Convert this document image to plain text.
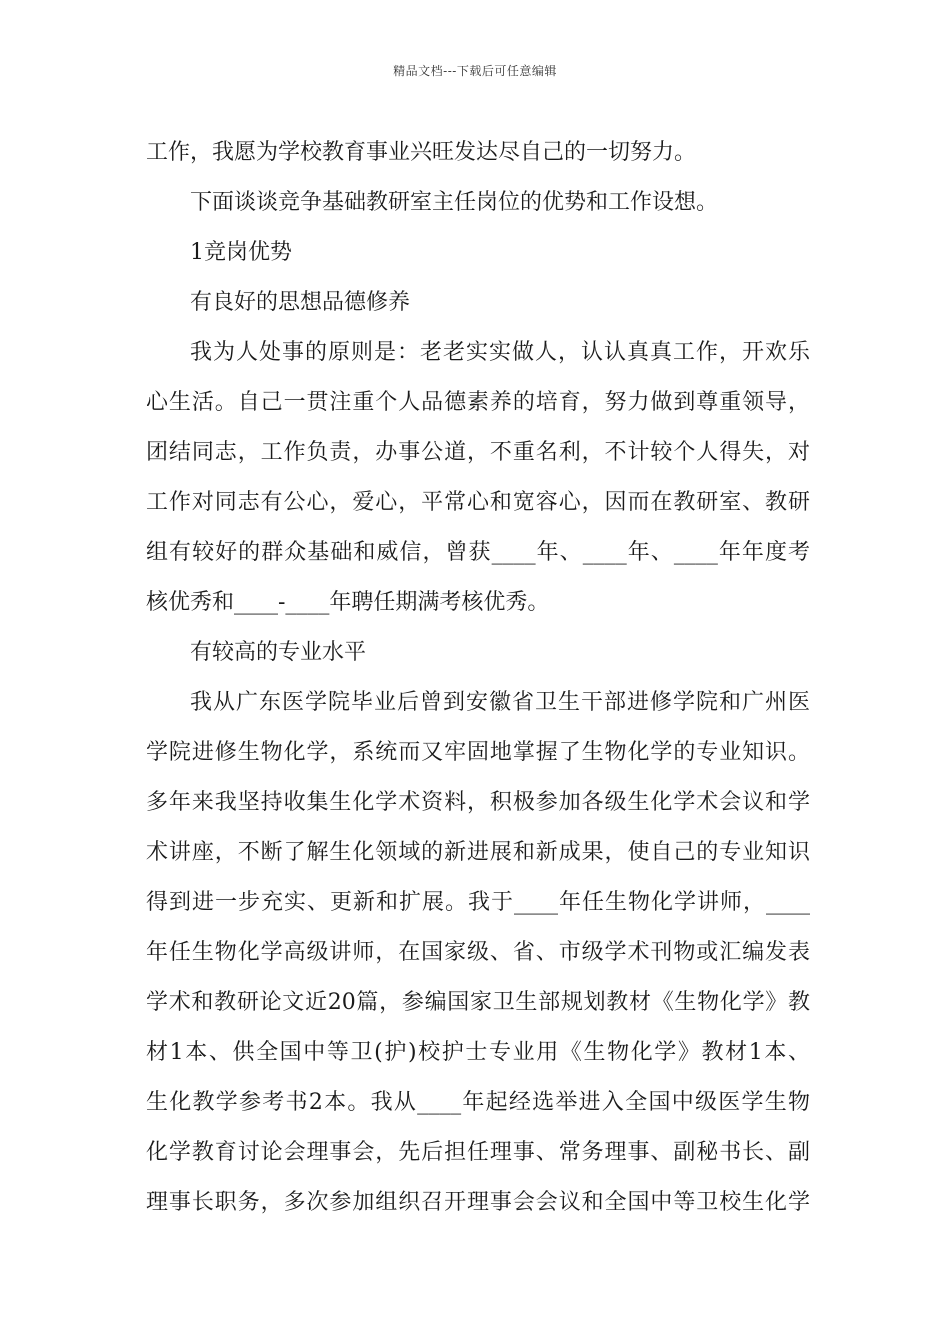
精品文档---下载后可任意编辑
工作，我愿为学校教育事业兴旺发达尽自己的一切努力。
下面谈谈竞争基础教研室主任岗位的优势和工作设想。
1竞岗优势
有良好的思想品德修养
我为人处事的原则是：老老实实做人，认认真真工作，开欢乐
心生活。自己一贯注重个人品德素养的培育，努力做到尊重领导，
团结同志，工作负责，办事公道，不重名利，不计较个人得失，对
工作对同志有公心，爱心，平常心和宽容心，因而在教研室、教研
组有较好的群众基础和威信，曾获____年、____年、____年年度考
核优秀和____-____年聘任期满考核优秀。
有较高的专业水平
我从广东医学院毕业后曾到安徽省卫生干部进修学院和广州医
学院进修生物化学，系统而又牢固地掌握了生物化学的专业知识。
多年来我坚持收集生化学术资料，积极参加各级生化学术会议和学
术讲座，不断了解生化领域的新进展和新成果，使自己的专业知识
得到进一步充实、更新和扩展。我于____年任生物化学讲师，____
年任生物化学高级讲师，在国家级、省、市级学术刊物或汇编发表
学术和教研论文近20篇，参编国家卫生部规划教材《生物化学》教
材1本、供全国中等卫(护)校护士专业用《生物化学》教材1本、
生化教学参考书2本。我从____年起经选举进入全国中级医学生物
化学教育讨论会理事会，先后担任理事、常务理事、副秘书长、副
理事长职务，多次参加组织召开理事会会议和全国中等卫校生化学
